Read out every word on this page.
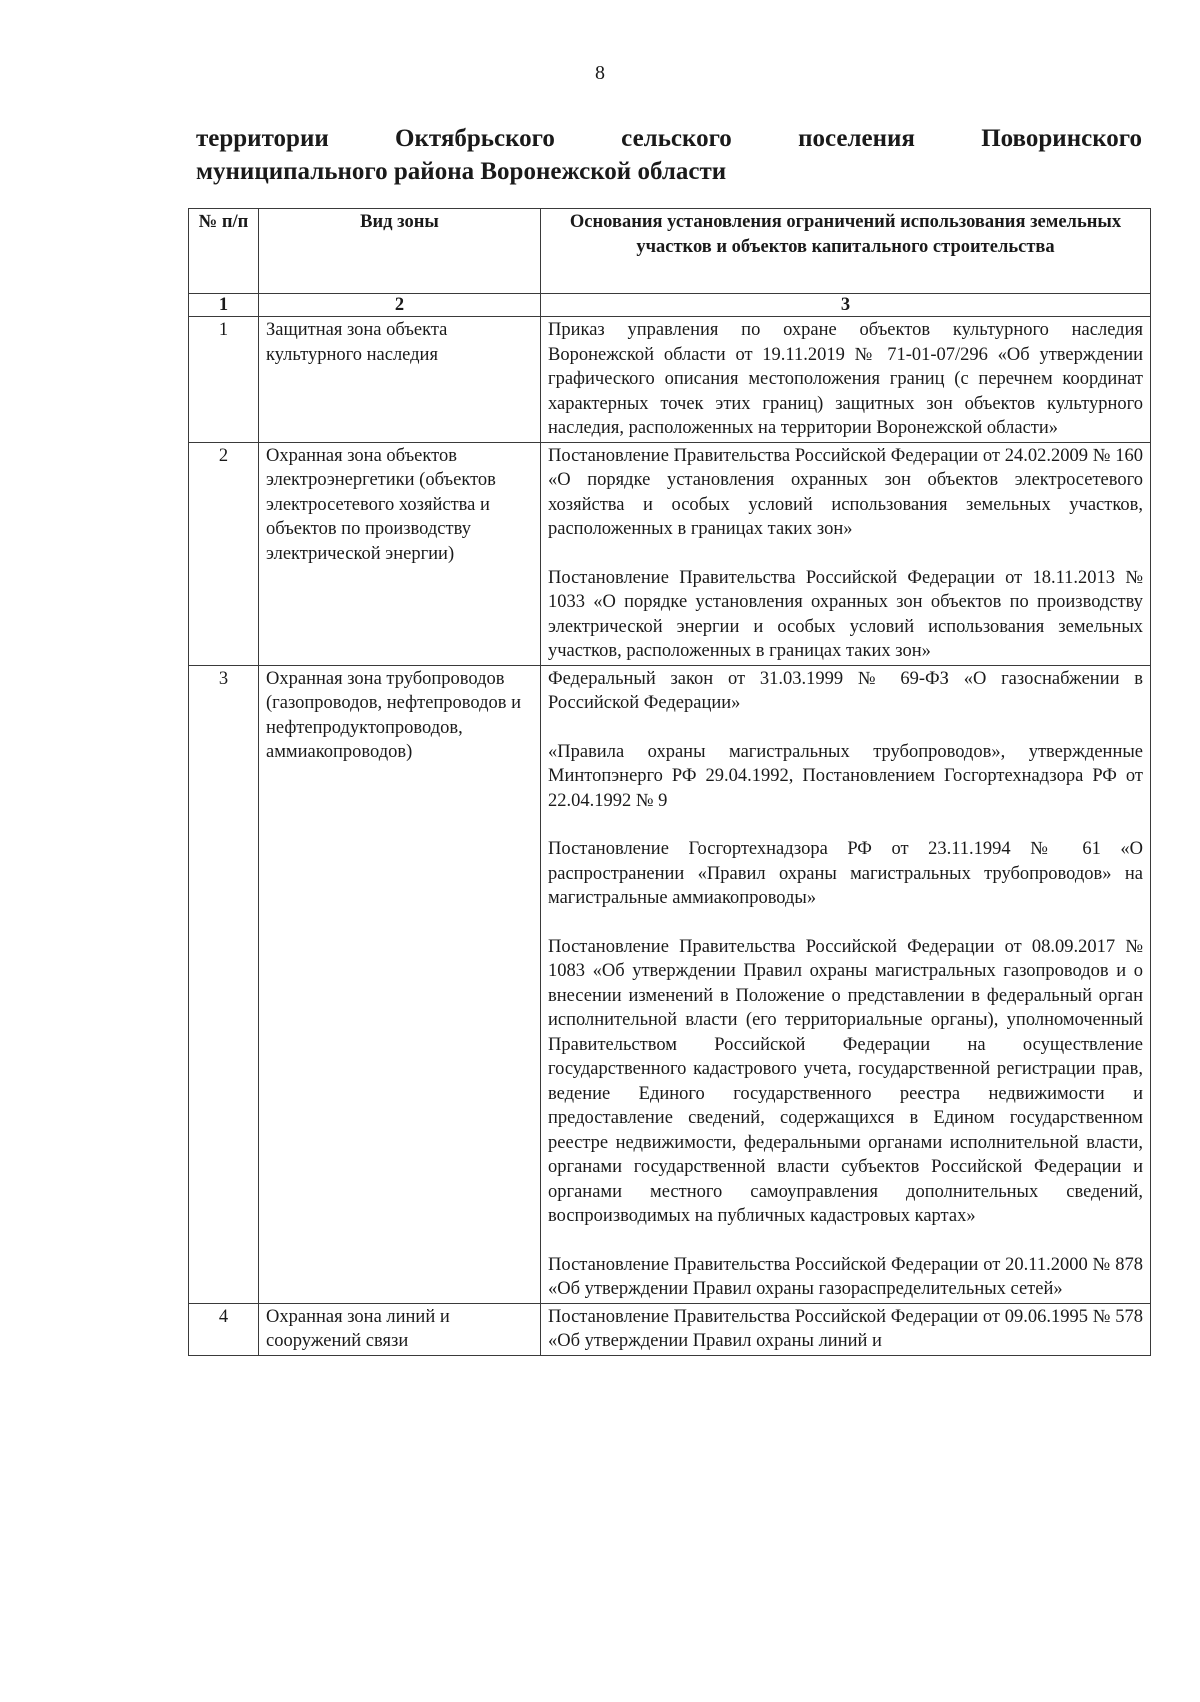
8
территории Октябрьского сельского поселения Поворинского
муниципального района Воронежской области
№ п/п	Вид зоны	Основания установления ограничений использования земельных участков и объектов капитального строительства
1	2	3
1	Защитная зона объекта культурного наследия	Приказ управления по охране объектов культурного наследия Воронежской области от 19.11.2019 № 71-01-07/296 «Об утверждении графического описания местоположения границ (с перечнем координат характерных точек этих границ) защитных зон объектов культурного наследия, расположенных на территории Воронежской области»

2	Охранная зона объектов электроэнергетики (объектов электросетевого хозяйства и объектов по производству электрической энергии)	Постановление Правительства Российской Федерации от 24.02.2009 № 160 «О порядке установления охранных зон объектов электросетевого хозяйства и особых условий использования земельных участков, расположенных в границах таких зон»

Постановление Правительства Российской Федерации от 18.11.2013 № 1033 «О порядке установления охранных зон объектов по производству электрической энергии и особых условий использования земельных участков, расположенных в границах таких зон»

3	Охранная зона трубопроводов (газопроводов, нефтепроводов и нефтепродуктопроводов, аммиакопроводов)	Федеральный закон от 31.03.1999 № 69-ФЗ «О газоснабжении в Российской Федерации»

«Правила охраны магистральных трубопроводов», утвержденные Минтопэнерго РФ 29.04.1992, Постановлением Госгортехнадзора РФ от 22.04.1992 № 9

Постановление Госгортехнадзора РФ от 23.11.1994 № 61 «О распространении «Правил охраны магистральных трубопроводов» на магистральные аммиакопроводы»

Постановление Правительства Российской Федерации от 08.09.2017 № 1083 «Об утверждении Правил охраны магистральных газопроводов и о внесении изменений в Положение о представлении в федеральный орган исполнительной власти (его территориальные органы), уполномоченный Правительством Российской Федерации на осуществление государственного кадастрового учета, государственной регистрации прав, ведение Единого государственного реестра недвижимости и предоставление сведений, содержащихся в Едином государственном реестре недвижимости, федеральными органами исполнительной власти, органами государственной власти субъектов Российской Федерации и органами местного самоуправления дополнительных сведений, воспроизводимых на публичных кадастровых картах»

Постановление Правительства Российской Федерации от 20.11.2000 № 878 «Об утверждении Правил охраны газораспределительных сетей»

4	Охранная зона линий и сооружений связи	Постановление Правительства Российской Федерации от 09.06.1995 № 578 «Об утверждении Правил охраны линий и
